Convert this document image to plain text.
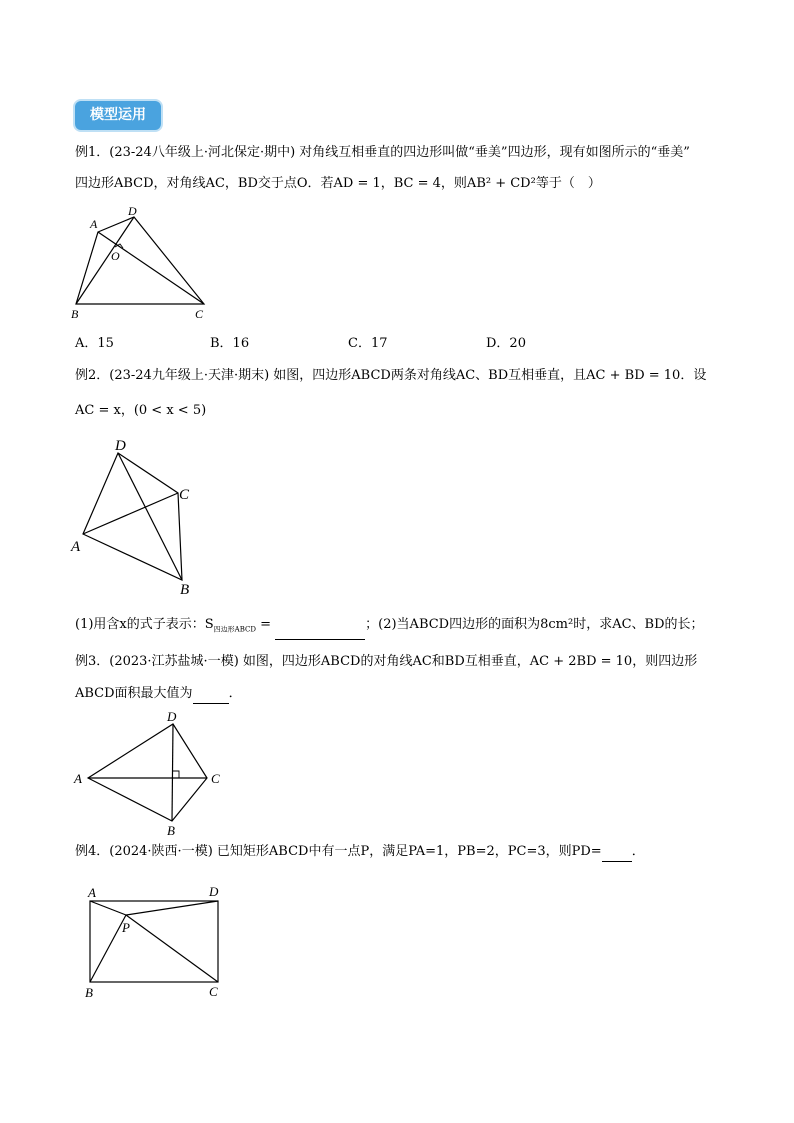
模型运用
例1．(23-24八年级上·河北保定·期中) 对角线互相垂直的四边形叫做“垂美”四边形，现有如图所示的“垂美”
四边形ABCD，对角线AC，BD交于点O．若AD = 1，BC = 4，则AB² + CD²等于（　）
A
D
O
B	C
A．15	B．16	C．17	D．20
例2．(23-24九年级上·天津·期末) 如图，四边形ABCD两条对角线AC、BD互相垂直，且AC + BD = 10．设
AC = x，(0 < x < 5)
D
C
A
B
(1)用含x的式子表示：$S_{四边形ABCD}$ =	；(2)当ABCD四边形的面积为8cm²时，求AC、BD的长；
例3．(2023·江苏盐城·一模) 如图，四边形ABCD的对角线AC和BD互相垂直，AC + 2BD = 10，则四边形
ABCD面积最大值为	．
D
A	C
B
例4．(2024·陕西·一模) 已知矩形ABCD中有一点P，满足PA=1，PB=2，PC=3，则PD= ．
A	D
P
B	C
